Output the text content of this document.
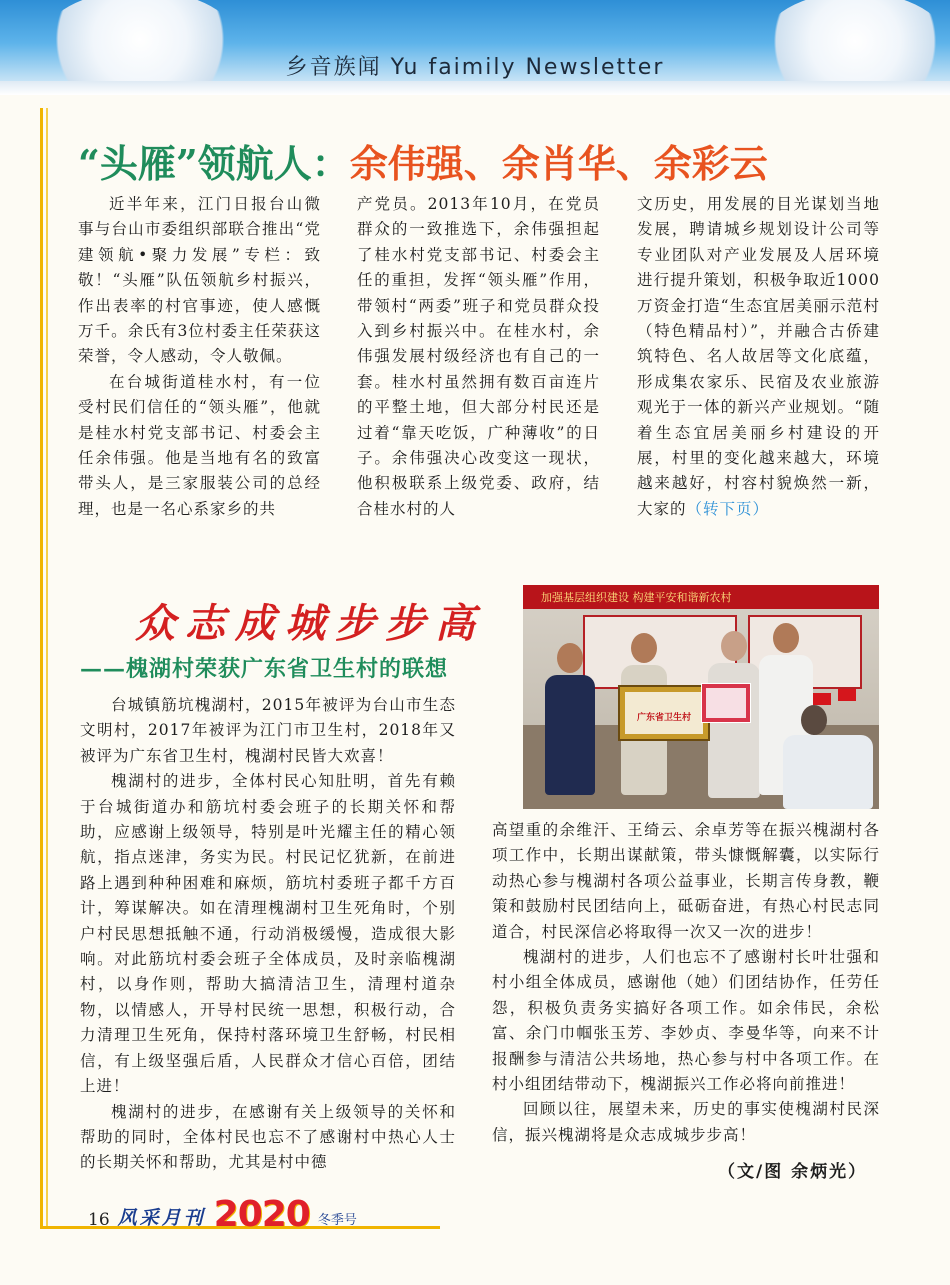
乡音族闻 Yu faimily Newsletter
“头雁”领航人：余伟强、余肖华、余彩云

近半年来，江门日报台山微事与台山市委组织部联合推出“党建领航•聚力发展”专栏：致敬！“头雁”队伍领航乡村振兴，作出表率的村官事迹，使人感慨万千。余氏有3位村委主任荣获这荣誉，令人感动，令人敬佩。

在台城街道桂水村，有一位受村民们信任的“领头雁”，他就是桂水村党支部书记、村委会主任余伟强。他是当地有名的致富带头人，是三家服装公司的总经理，也是一名心系家乡的共

产党员。2013年10月，在党员群众的一致推选下，余伟强担起了桂水村党支部书记、村委会主任的重担，发挥“领头雁”作用，带领村“两委”班子和党员群众投入到乡村振兴中。在桂水村，余伟强发展村级经济也有自己的一套。桂水村虽然拥有数百亩连片的平整土地，但大部分村民还是过着“靠天吃饭，广种薄收”的日子。余伟强决心改变这一现状，他积极联系上级党委、政府，结合桂水村的人

文历史，用发展的目光谋划当地发展，聘请城乡规划设计公司等专业团队对产业发展及人居环境进行提升策划，积极争取近1000万资金打造“生态宜居美丽示范村（特色精品村）”，并融合古侨建筑特色、名人故居等文化底蕴，形成集农家乐、民宿及农业旅游观光于一体的新兴产业规划。“随着生态宜居美丽乡村建设的开展，村里的变化越来越大，环境越来越好，村容村貌焕然一新，大家的（转下页）

众志成城步步高
——槐湖村荣获广东省卫生村的联想
加强基层组织建设 构建平安和谐新农村
$_{广东省卫生村}$

台城镇筋坑槐湖村，2015年被评为台山市生态文明村，2017年被评为江门市卫生村，2018年又被评为广东省卫生村，槐湖村民皆大欢喜！

槐湖村的进步，全体村民心知肚明，首先有赖于台城街道办和筋坑村委会班子的长期关怀和帮助，应感谢上级领导，特别是叶光耀主任的精心领航，指点迷津，务实为民。村民记忆犹新，在前进路上遇到种种困难和麻烦，筋坑村委班子都千方百计，筹谋解决。如在清理槐湖村卫生死角时，个别户村民思想抵触不通，行动消极缓慢，造成很大影响。对此筋坑村委会班子全体成员，及时亲临槐湖村，以身作则，帮助大搞清洁卫生，清理村道杂物，以情感人，开导村民统一思想，积极行动，合力清理卫生死角，保持村落环境卫生舒畅，村民相信，有上级坚强后盾，人民群众才信心百倍，团结上进！

槐湖村的进步，在感谢有关上级领导的关怀和帮助的同时，全体村民也忘不了感谢村中热心人士的长期关怀和帮助，尤其是村中德

高望重的余维汗、王绮云、余卓芳等在振兴槐湖村各项工作中，长期出谋献策，带头慷慨解囊，以实际行动热心参与槐湖村各项公益事业，长期言传身教，鞭策和鼓励村民团结向上，砥砺奋进，有热心村民志同道合，村民深信必将取得一次又一次的进步！

槐湖村的进步，人们也忘不了感谢村长叶壮强和村小组全体成员，感谢他（她）们团结协作，任劳任怨，积极负责务实搞好各项工作。如余伟民，余松富、余门巾帼张玉芳、李妙贞、李曼华等，向来不计报酬参与清洁公共场地，热心参与村中各项工作。在村小组团结带动下，槐湖振兴工作必将向前推进！

回顾以往，展望未来，历史的事实使槐湖村民深信，振兴槐湖将是众志成城步步高！

（文/图 余炳光）
16 风采月刊 2020 冬季号
